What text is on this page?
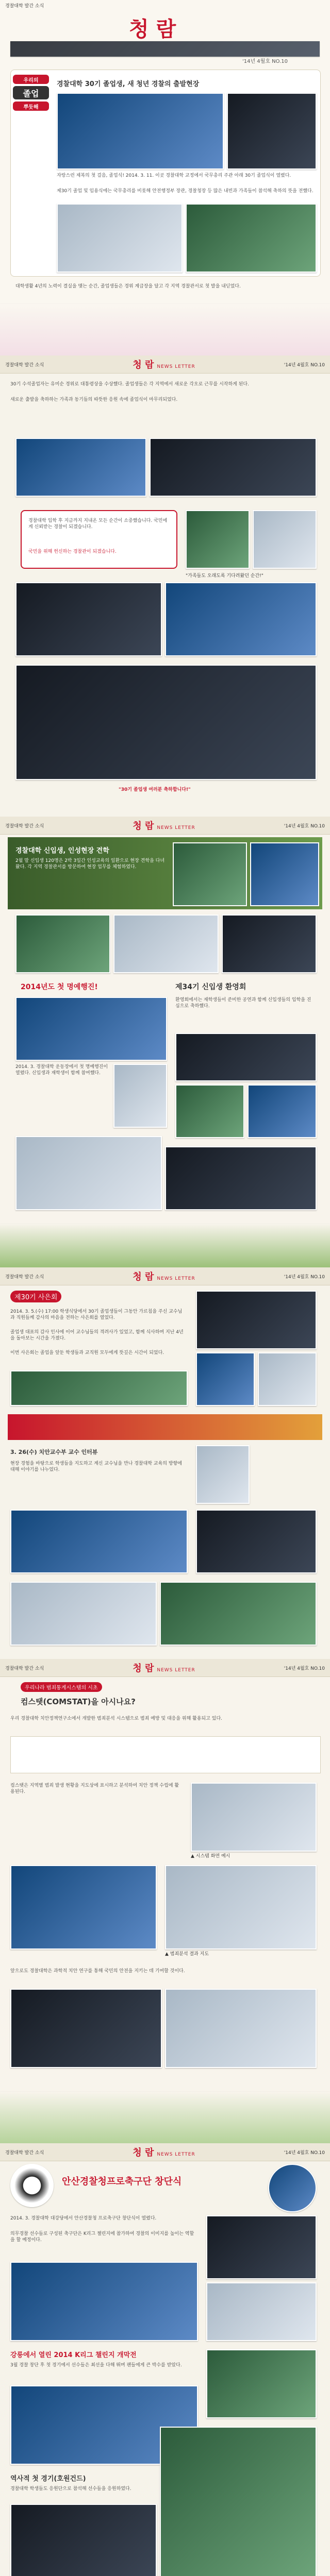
경찰대학 발간 소식
청 람
'14년 4월호 NO.10
우리의
졸업
뿌듯해
경찰대학 30기 졸업생, 새 청년 경찰의 출발현장
자랑스런 제복의 첫 걸음, 졸업식! 2014. 3. 11. 이곳 경찰대학 교정에서 국무총리 주관 아래 30기 졸업식이 열렸다.
제30기 졸업 및 임용식에는 국무총리를 비롯해 안전행정부 장관, 경찰청장 등 많은 내빈과 가족들이 참석해 축하의 뜻을 전했다.
대학생활 4년의 노력이 결실을 맺는 순간, 졸업생들은 경위 계급장을 달고 각 지역 경찰관서로 첫 발을 내딛었다.
경찰대학 발간 소식	청 람 NEWS LETTER	'14년 4월호 NO.10
30기 수석졸업자는 유미순 경위로 대통령상을 수상했다. 졸업생들은 각 지역에서 새로운 각오로 근무를 시작하게 된다.
새로운 출발을 축하하는 가족과 동기들의 따뜻한 응원 속에 졸업식이 마무리되었다.
경찰대학 입학 후 지금까지 지내온 모든 순간이 소중했습니다. 국민에게 신뢰받는 경찰이 되겠습니다.
국민을 위해 헌신하는 경찰관이 되겠습니다.
"가족들도 오래도록 기다려왔던 순간!"
"30기 졸업생 여러분 축하합니다!"
경찰대학 발간 소식	청 람 NEWS LETTER	'14년 4월호 NO.10
경찰대학 신입생, 인성현장 견학
2월 말 신입생 120명은 2박 3일간 인성교육의 일환으로 현장 견학을 다녀왔다. 각 지역 경찰관서를 방문하여 현장 업무를 체험하였다.
2014년도 첫 명예행진!	제34기 신입생 환영회
2014. 3. 경찰대학 운동장에서 첫 명예행진이 열렸다. 신입생과 재학생이 함께 참여했다.
환영회에서는 재학생들이 준비한 공연과 함께 신입생들의 입학을 진심으로 축하했다.
경찰대학 발간 소식	청 람 NEWS LETTER	'14년 4월호 NO.10
제30기 사은회
2014. 3. 5.(수) 17:00 학생식당에서 30기 졸업생들이 그동안 가르침을 주신 교수님과 직원들께 감사의 마음을 전하는 사은회를 열었다.
졸업생 대표의 감사 인사에 이어 교수님들의 격려사가 있었고, 함께 식사하며 지난 4년을 돌아보는 시간을 가졌다.
이번 사은회는 졸업을 앞둔 학생들과 교직원 모두에게 뜻깊은 시간이 되었다.
3. 26(수) 치안교수부 교수 인터뷰
현장 경험을 바탕으로 학생들을 지도하고 계신 교수님을 만나 경찰대학 교육의 방향에 대해 이야기를 나누었다.
경찰대학 발간 소식	청 람 NEWS LETTER	'14년 4월호 NO.10
우리나라 범죄통계시스템의 시초
컴스탯(COMSTAT)을 아시나요?
우리 경찰대학 치안정책연구소에서 개발한 범죄분석 시스템으로 범죄 예방 및 대응을 위해 활용되고 있다.
컴스탯은 지역별 범죄 발생 현황을 지도상에 표시하고 분석하여 치안 정책 수립에 활용된다.
▲ 시스템 화면 예시
▲ 범죄분석 결과 지도
앞으로도 경찰대학은 과학적 치안 연구를 통해 국민의 안전을 지키는 데 기여할 것이다.
경찰대학 발간 소식	청 람 NEWS LETTER	'14년 4월호 NO.10
안산경찰청프로축구단 창단식
2014. 3. 경찰대학 대강당에서 안산경찰청 프로축구단 창단식이 열렸다.
의무경찰 선수들로 구성된 축구단은 K리그 챌린지에 참가하여 경찰의 이미지를 높이는 역할을 할 예정이다.
강릉에서 열린 2014 K리그 챌린지 개막전
3월 경찰 창단 후 첫 경기에서 선수들은 최선을 다해 뛰며 팬들에게 큰 박수를 받았다.
역사적 첫 경기(호원건드)
경찰대학 학생들도 응원단으로 참석해 선수들을 응원하였다.
